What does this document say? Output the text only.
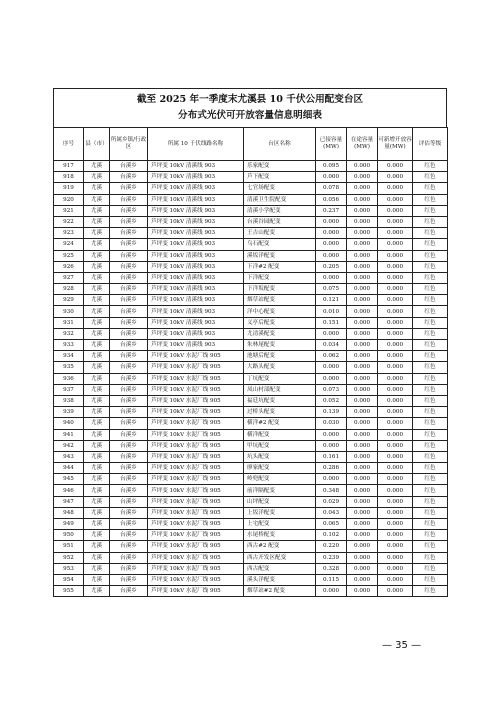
截至 2025 年一季度末尤溪县 10 千伏公用配变台区
分布式光伏可开放容量信息明细表
序号	县（市）	所属乡镇/行政区	所属 10 千伏线路名称	台区名称	已接容量(MW)	在途容量(MW)	可新增开放容量(MW)	评估等级
917	尤溪	台溪乡	芦坪变 10kV 清溪线 903	乐家配变	0.095	0.000	0.000	红色
918	尤溪	台溪乡	芦坪变 10kV 清溪线 903	芦下配变	0.000	0.000	0.000	红色
919	尤溪	台溪乡	芦坪变 10kV 清溪线 903	七官场配变	0.078	0.000	0.000	红色
920	尤溪	台溪乡	芦坪变 10kV 清溪线 903	清溪卫生院配变	0.056	0.000	0.000	红色
921	尤溪	台溪乡	芦坪变 10kV 清溪线 903	清溪小学配变	0.237	0.000	0.000	红色
922	尤溪	台溪乡	芦坪变 10kV 清溪线 903	台溪谷园配变	0.000	0.000	0.000	红色
923	尤溪	台溪乡	芦坪变 10kV 清溪线 903	王吉山配变	0.000	0.000	0.000	红色
924	尤溪	台溪乡	芦坪变 10kV 清溪线 903	乌石配变	0.000	0.000	0.000	红色
925	尤溪	台溪乡	芦坪变 10kV 清溪线 903	溪坂洋配变	0.000	0.000	0.000	红色
926	尤溪	台溪乡	芦坪变 10kV 清溪线 903	下洋#2 配变	0.205	0.000	0.000	红色
927	尤溪	台溪乡	芦坪变 10kV 清溪线 903	下洋配变	0.000	0.000	0.000	红色
928	尤溪	台溪乡	芦坪变 10kV 清溪线 903	下洋坂配变	0.075	0.000	0.000	红色
929	尤溪	台溪乡	芦坪变 10kV 清溪线 903	烟草站配变	0.121	0.000	0.000	红色
930	尤溪	台溪乡	芦坪变 10kV 清溪线 903	洋中心配变	0.010	0.000	0.000	红色
931	尤溪	台溪乡	芦坪变 10kV 清溪线 903	义亭后配变	0.151	0.000	0.000	红色
932	尤溪	台溪乡	芦坪变 10kV 清溪线 903	尤清溪配变	0.000	0.000	0.000	红色
933	尤溪	台溪乡	芦坪变 10kV 清溪线 903	朱林尾配变	0.034	0.000	0.000	红色
934	尤溪	台溪乡	芦坪变 10kV 水泥厂线 905	池塘后配变	0.062	0.000	0.000	红色
935	尤溪	台溪乡	芦坪变 10kV 水泥厂线 905	大路头配变	0.000	0.000	0.000	红色
936	尤溪	台溪乡	芦坪变 10kV 水泥厂线 905	丁坑配变	0.000	0.000	0.000	红色
937	尤溪	台溪乡	芦坪变 10kV 水泥厂线 905	凤山村部配变	0.073	0.000	0.000	红色
938	尤溪	台溪乡	芦坪变 10kV 水泥厂线 905	福廷坑配变	0.052	0.000	0.000	红色
939	尤溪	台溪乡	芦坪变 10kV 水泥厂线 905	过桥头配变	0.139	0.000	0.000	红色
940	尤溪	台溪乡	芦坪变 10kV 水泥厂线 905	横洋#2 配变	0.030	0.000	0.000	红色
941	尤溪	台溪乡	芦坪变 10kV 水泥厂线 905	横洋配变	0.000	0.000	0.000	红色
942	尤溪	台溪乡	芦坪变 10kV 水泥厂线 905	甲坑配变	0.000	0.000	0.000	红色
943	尤溪	台溪乡	芦坪变 10kV 水泥厂线 905	坑头配变	0.161	0.000	0.000	红色
944	尤溪	台溪乡	芦坪变 10kV 水泥厂线 905	廖家配变	0.286	0.000	0.000	红色
945	尤溪	台溪乡	芦坪变 10kV 水泥厂线 905	岭兜配变	0.000	0.000	0.000	红色
946	尤溪	台溪乡	芦坪变 10kV 水泥厂线 905	前洋隔配变	0.348	0.000	0.000	红色
947	尤溪	台溪乡	芦坪变 10kV 水泥厂线 905	山坪配变	0.029	0.000	0.000	红色
948	尤溪	台溪乡	芦坪变 10kV 水泥厂线 905	上坂洋配变	0.043	0.000	0.000	红色
949	尤溪	台溪乡	芦坪变 10kV 水泥厂线 905	上宅配变	0.065	0.000	0.000	红色
950	尤溪	台溪乡	芦坪变 10kV 水泥厂线 905	水尾桥配变	0.102	0.000	0.000	红色
951	尤溪	台溪乡	芦坪变 10kV 水泥厂线 905	西古#2 配变	0.220	0.000	0.000	红色
952	尤溪	台溪乡	芦坪变 10kV 水泥厂线 905	西古开发区配变	0.239	0.000	0.000	红色
953	尤溪	台溪乡	芦坪变 10kV 水泥厂线 905	西古配变	0.328	0.000	0.000	红色
954	尤溪	台溪乡	芦坪变 10kV 水泥厂线 905	溪头洋配变	0.115	0.000	0.000	红色
955	尤溪	台溪乡	芦坪变 10kV 水泥厂线 905	烟草站#2 配变	0.000	0.000	0.000	红色
— 35 —
